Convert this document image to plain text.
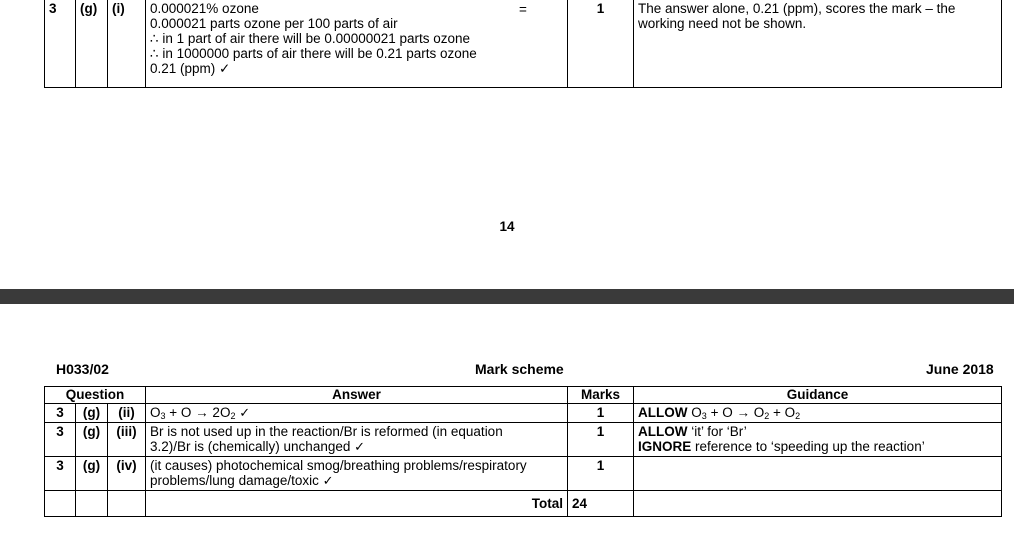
3	(g)	(i)	0.000021% ozone
0.000021 parts ozone per 100 parts of air
∴ in 1 part of air there will be 0.00000021 parts ozone
∴ in 1000000 parts of air there will be 0.21 parts ozone
0.21 (ppm) ✓
=	1	The answer alone, 0.21 (ppm), scores the mark – the working need not be shown.
14
H033/02	Mark scheme	June 2018
Question			Answer	Marks	Guidance
3	(g)	(ii)	$O_3 + O \to 2O_2$ ✓	1	ALLOW $O_3 + O \to O_2 + O_2$
3	(g)	(iii)	Br is not used up in the reaction/Br is reformed (in equation
3.2)/Br is (chemically) unchanged ✓	1	ALLOW ‘it’ for ‘Br’
IGNORE reference to ‘speeding up the reaction’

3	(g)	(iv)	(it causes) photochemical smog/breathing problems/respiratory
problems/lung damage/toxic ✓	1	
			Total	24	
